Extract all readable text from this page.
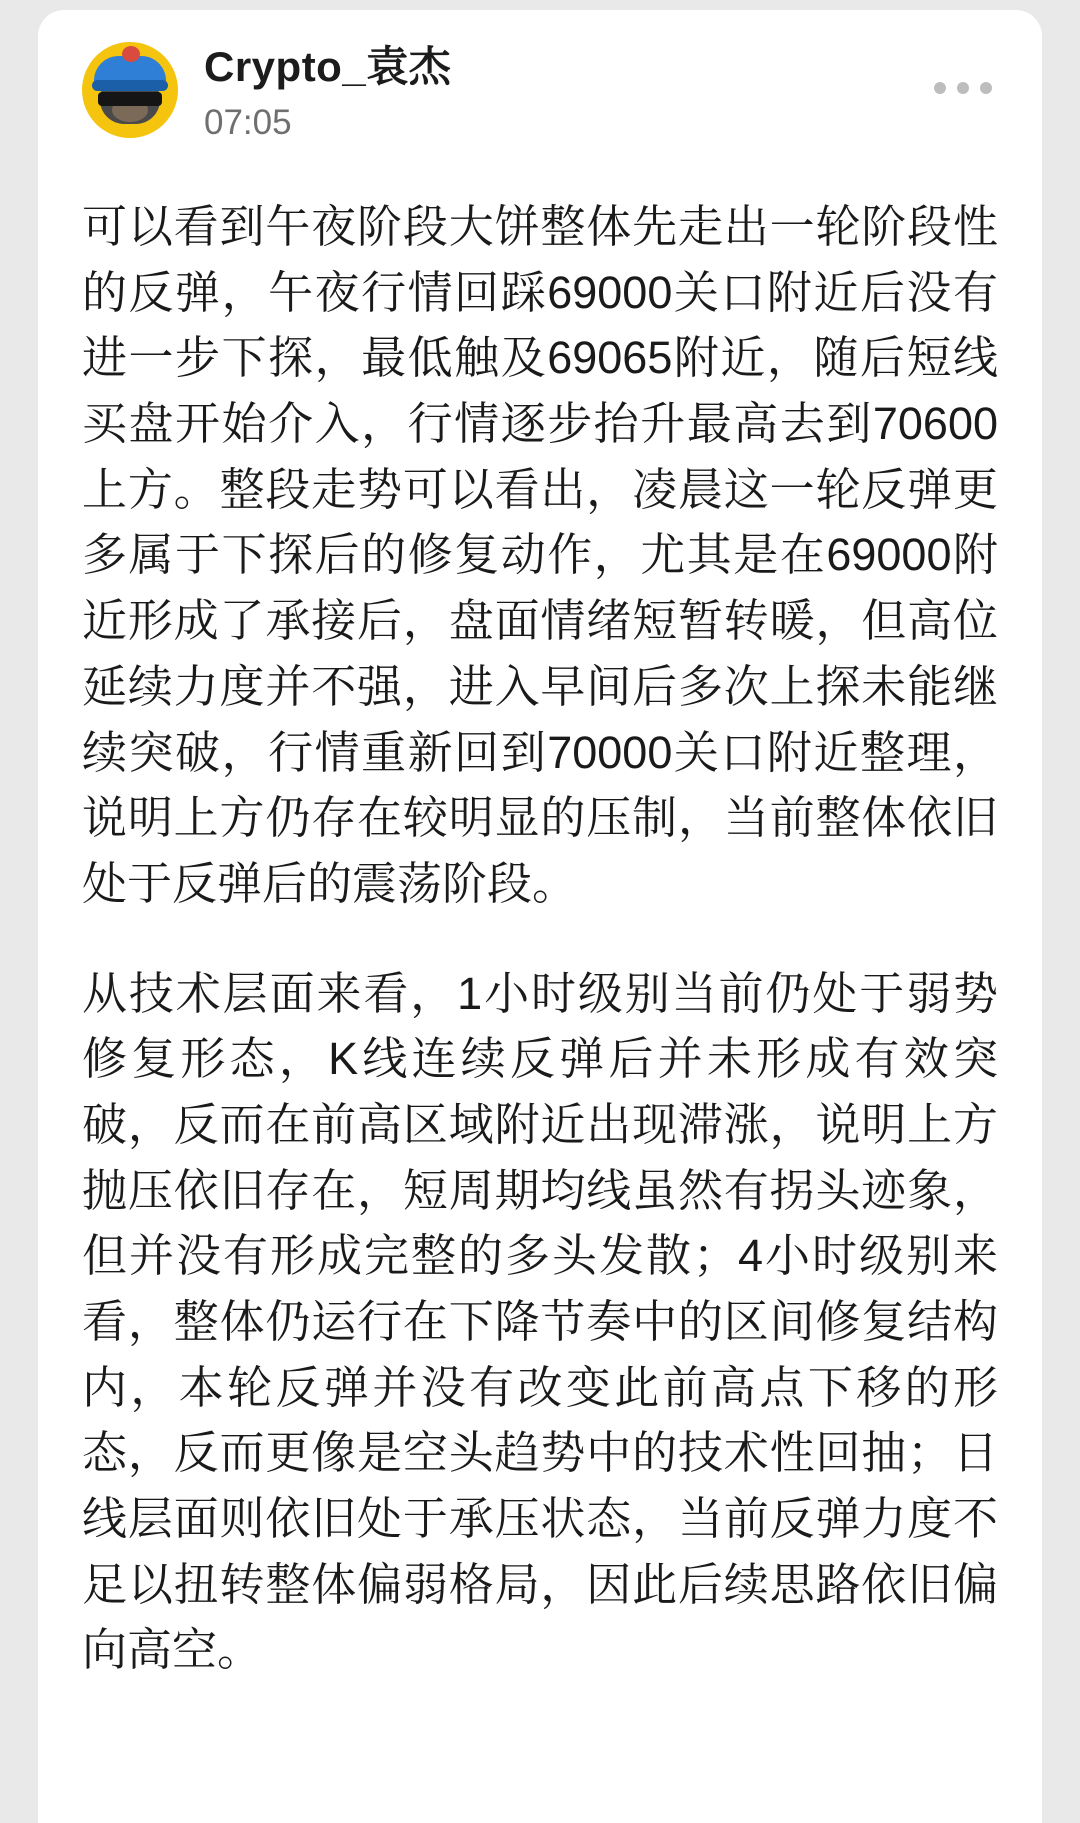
Crypto_袁杰
07:05

可以看到午夜阶段大饼整体先走出一轮阶段性的反弹，午夜行情回踩69000关口附近后没有进一步下探，最低触及69065附近，随后短线买盘开始介入，行情逐步抬升最高去到70600上方。整段走势可以看出，凌晨这一轮反弹更多属于下探后的修复动作，尤其是在69000附近形成了承接后，盘面情绪短暂转暖，但高位延续力度并不强，进入早间后多次上探未能继续突破，行情重新回到70000关口附近整理，说明上方仍存在较明显的压制，当前整体依旧处于反弹后的震荡阶段。

从技术层面来看，1小时级别当前仍处于弱势修复形态，K线连续反弹后并未形成有效突破，反而在前高区域附近出现滞涨，说明上方抛压依旧存在，短周期均线虽然有拐头迹象，但并没有形成完整的多头发散；4小时级别来看，整体仍运行在下降节奏中的区间修复结构内，本轮反弹并没有改变此前高点下移的形态，反而更像是空头趋势中的技术性回抽；日线层面则依旧处于承压状态，当前反弹力度不足以扭转整体偏弱格局，因此后续思路依旧偏向高空。
